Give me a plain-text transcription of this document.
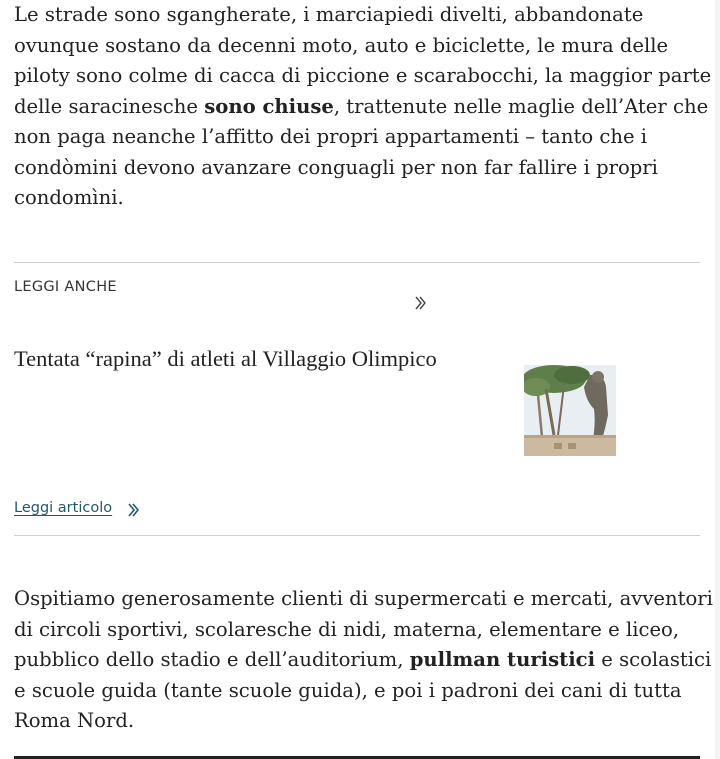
Le strade sono sgangherate, i marciapiedi divelti, abbandonate ovunque sostano da decenni moto, auto e biciclette, le mura delle piloty sono colme di cacca di piccione e scarabocchi, la maggior parte delle saracinesche sono chiuse, trattenute nelle maglie dell’Ater che non paga neanche l’affitto dei propri appartamenti – tanto che i condòmini devono avanzare conguagli per non far fallire i propri condomìni.

LEGGI ANCHE
Tentata “rapina” di atleti al Villaggio Olimpico
Leggi articolo

Ospitiamo generosamente clienti di supermercati e mercati, avventori di circoli sportivi, scolaresche di nidi, materna, elementare e liceo, pubblico dello stadio e dell’auditorium, pullman turistici e scolastici e scuole guida (tante scuole guida), e poi i padroni dei cani di tutta Roma Nord.
